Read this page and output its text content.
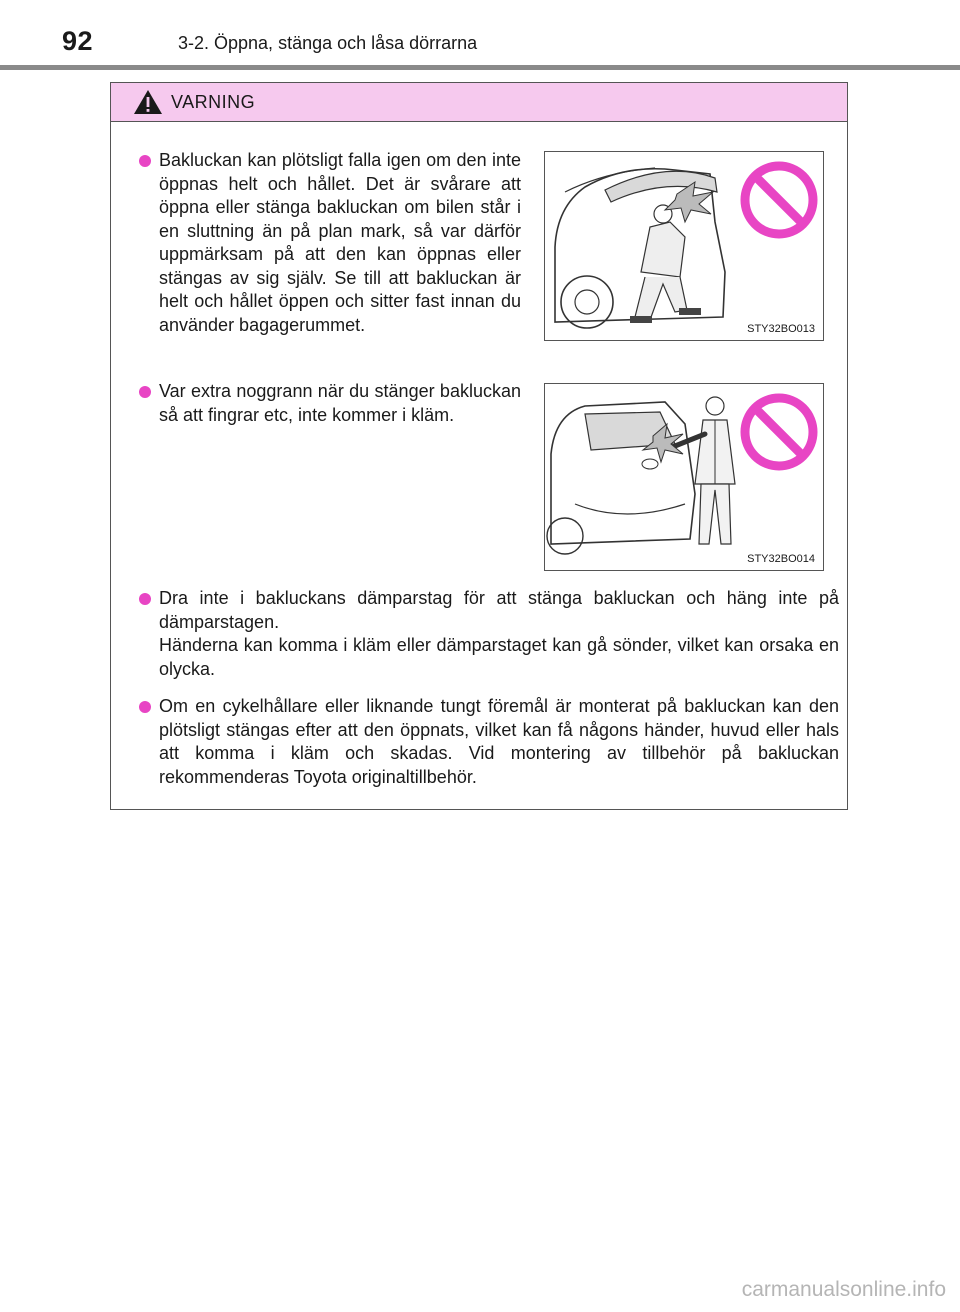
92	3-2. Öppna, stänga och låsa dörrarna
VARNING
Bakluckan kan plötsligt falla igen om den inte öppnas helt och hållet. Det är svårare att öppna eller stänga bakluckan om bilen står i en sluttning än på plan mark, så var därför uppmärksam på att den kan öppnas eller stängas av sig själv. Se till att bakluckan är helt och hållet öppen och sitter fast innan du använder bagagerummet.	STY32BO013
Var extra noggrann när du stänger bakluckan så att fingrar etc, inte kommer i kläm.
STY32BO014
Dra inte i bakluckans dämparstag för att stänga bakluckan och häng inte på dämparstagen.
Händerna kan komma i kläm eller dämparstaget kan gå sönder, vilket kan orsaka en olycka.
Om en cykelhållare eller liknande tungt föremål är monterat på bakluckan kan den plötsligt stängas efter att den öppnats, vilket kan få någons händer, huvud eller hals att komma i kläm och skadas. Vid montering av tillbehör på bakluckan rekommenderas Toyota originaltillbehör.
carmanualsonline.info
